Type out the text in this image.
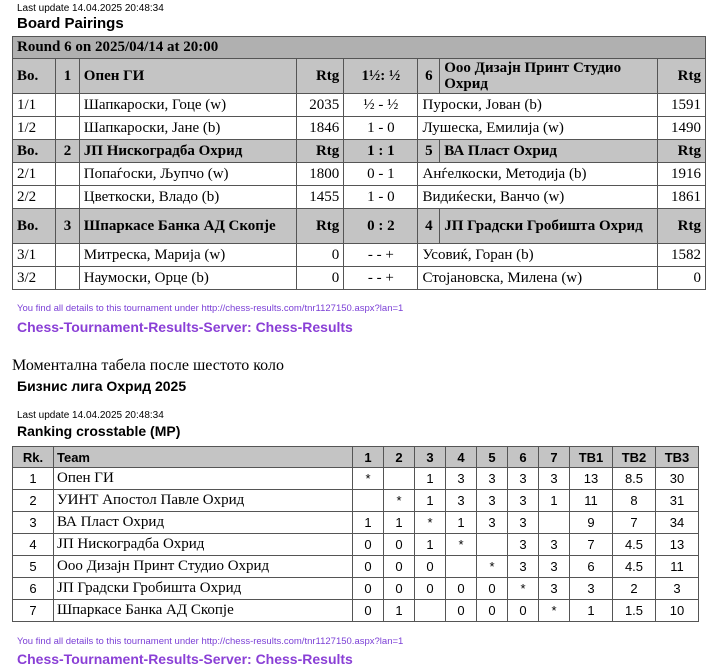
Last update 14.04.2025 20:48:34
Board Pairings
Round 6 on 2025/04/14 at 20:00							
Bo.	1	Опен ГИ	Rtg	1½: ½	6	Ооо Дизајн Принт Студио Охрид	Rtg
1/1		Шапкароски, Гоце (w)	2035	½ - ½	Пуроски, Јован (b)		1591
1/2		Шапкароски, Јане (b)	1846	1 - 0	Лушеска, Емилија (w)		1490
Bo.	2	ЈП Нискоградба Охрид	Rtg	1 : 1	5	ВА Пласт Охрид	Rtg
2/1		Попаѓоски, Љупчо (w)	1800	0 - 1	Анѓелкоски, Методија (b)		1916
2/2		Цветкоски, Владо (b)	1455	1 - 0	Видиќески, Ванчо (w)		1861
Bo.	3	Шпаркасе Банка АД Скопје	Rtg	0 : 2	4	ЈП Градски Гробишта Охрид	Rtg
3/1		Митреска, Марија (w)	0	- - +	Усовиќ, Горан (b)		1582
3/2		Наумоски, Орце (b)	0	- - +	Стојановска, Милена (w)		0
You find all details to this tournament under http://chess-results.com/tnr1127150.aspx?lan=1
Chess-Tournament-Results-Server: Chess-Results
Моментална табела после шестото коло
Бизнис лига Охрид 2025
Last update 14.04.2025 20:48:34
Ranking crosstable (MP)
Rk.	Team	1	2	3	4	5	6	7	TB1	TB2	TB3
1	Опен ГИ	*		1	3	3	3	3	13	8.5	30
2	УИНТ Апостол Павле Охрид		*	1	3	3	3	1	11	8	31
3	ВА Пласт Охрид	1	1	*	1	3	3		9	7	34
4	ЈП Нискоградба Охрид	0	0	1	*		3	3	7	4.5	13
5	Ооо Дизајн Принт Студио Охрид	0	0	0		*	3	3	6	4.5	11
6	ЈП Градски Гробишта Охрид	0	0	0	0	0	*	3	3	2	3
7	Шпаркасе Банка АД Скопје	0	1		0	0	0	*	1	1.5	10
You find all details to this tournament under http://chess-results.com/tnr1127150.aspx?lan=1
Chess-Tournament-Results-Server: Chess-Results
